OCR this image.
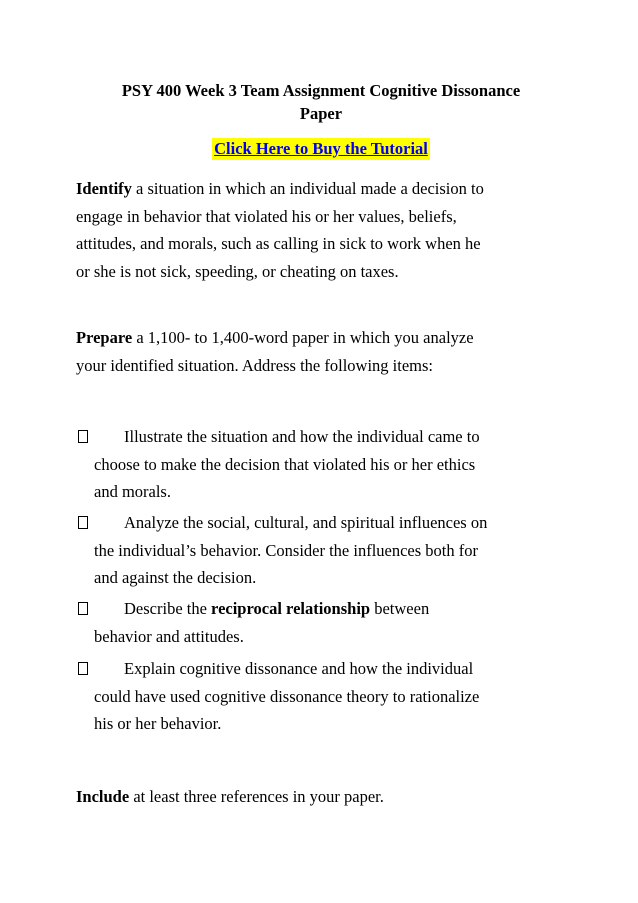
PSY 400 Week 3 Team Assignment Cognitive Dissonance
Paper
Click Here to Buy the Tutorial
Identify a situation in which an individual made a decision to
engage in behavior that violated his or her values, beliefs,
attitudes, and morals, such as calling in sick to work when he
or she is not sick, speeding, or cheating on taxes.
Prepare a 1,100- to 1,400-word paper in which you analyze
your identified situation. Address the following items:
Illustrate the situation and how the individual came to
choose to make the decision that violated his or her ethics
and morals.
Analyze the social, cultural, and spiritual influences on
the individual’s behavior. Consider the influences both for
and against the decision.
Describe the reciprocal relationship between
behavior and attitudes.
Explain cognitive dissonance and how the individual
could have used cognitive dissonance theory to rationalize
his or her behavior.
Include at least three references in your paper.
